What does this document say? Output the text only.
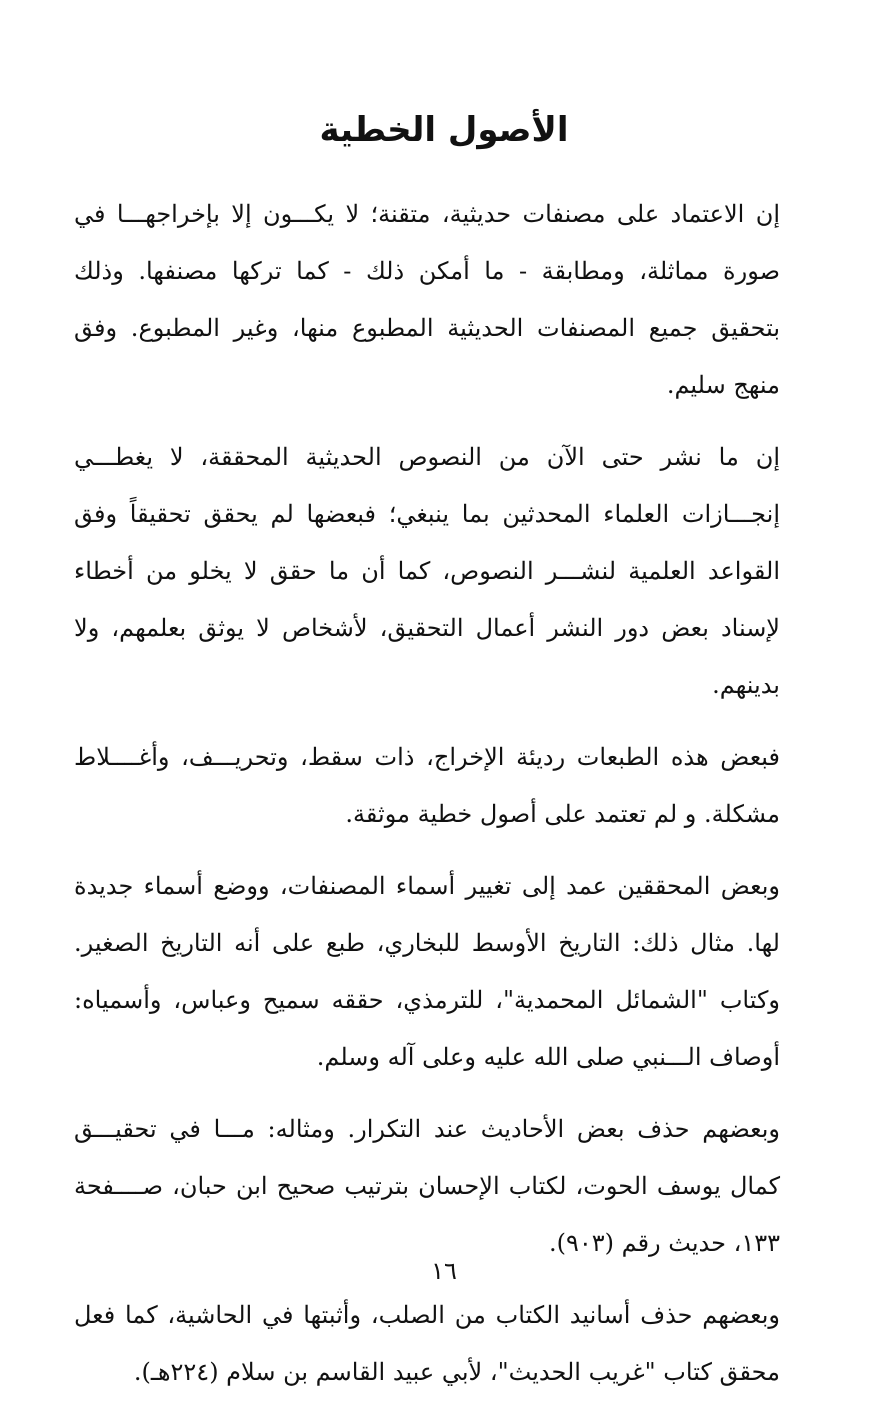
الأصول الخطية

إن الاعتماد على مصنفات حديثية، متقنة؛ لا يكـــون إلا بإخراجهـــا في صورة مماثلة، ومطابقة - ما أمكن ذلك - كما تركها مصنفها. وذلك بتحقيق جميع المصنفات الحديثية المطبوع منها، وغير المطبوع. وفق منهج سليم.

إن ما نشر حتى الآن من النصوص الحديثية المحققة، لا يغطـــي إنجـــازات العلماء المحدثين بما ينبغي؛ فبعضها لم يحقق تحقيقاً وفق القواعد العلمية لنشـــر النصوص، كما أن ما حقق لا يخلو من أخطاء لإسناد بعض دور النشر أعمال التحقيق، لأشخاص لا يوثق بعلمهم، ولا بدينهم.

فبعض هذه الطبعات رديئة الإخراج، ذات سقط، وتحريـــف، وأغــــلاط مشكلة. و لم تعتمد على أصول خطية موثقة.

وبعض المحققين عمد إلى تغيير أسماء المصنفات، ووضع أسماء جديدة لها. مثال ذلك: التاريخ الأوسط للبخاري، طبع على أنه التاريخ الصغير. وكتاب "الشمائل المحمدية"، للترمذي، حققه سميح وعباس، وأسمياه: أوصاف الـــنبي صلى الله عليه وعلى آله وسلم.

وبعضهم حذف بعض الأحاديث عند التكرار. ومثاله: مـــا في تحقيـــق كمال يوسف الحوت، لكتاب الإحسان بترتيب صحيح ابن حبان، صــــفحة ١٣٣، حديث رقم (٩٠٣).

وبعضهم حذف أسانيد الكتاب من الصلب، وأثبتها في الحاشية، كما فعل محقق كتاب "غريب الحديث"، لأبي عبيد القاسم بن سلام (٢٢٤هـ).

١٦
